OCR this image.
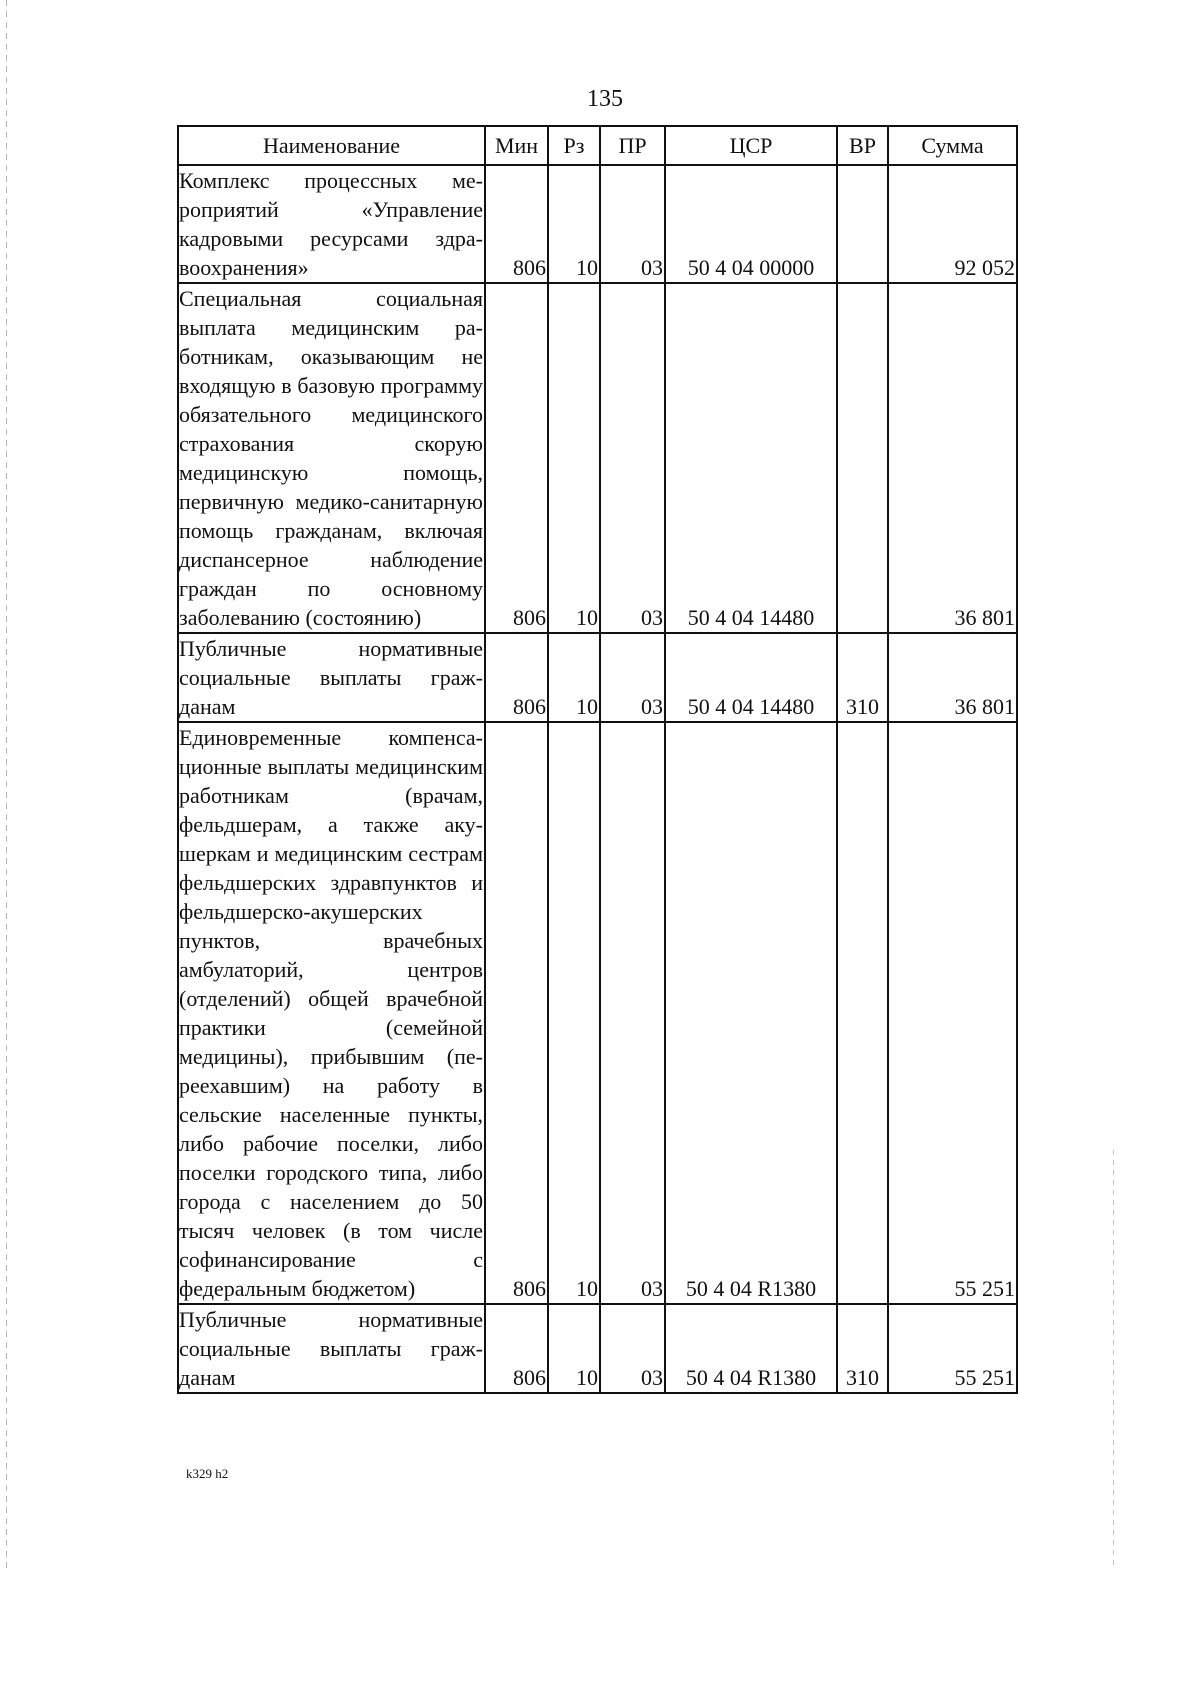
135
Наименование	Мин	Рз	ПР	ЦСР	ВР	Сумма
Комплекс процессных мероприятий «Управление кадровыми ресурсами здравоохранения»	806	10	03	50 4 04 00000		92 052
Специальная социальная выплата медицинским работникам, оказывающим не входящую в базовую программу обязательного медицинского страхования скорую медицинскую помощь, первичную медико-санитарную помощь гражданам, включая диспансерное наблюдение граждан по основному заболеванию (состоянию)	806	10	03	50 4 04 14480		36 801
Публичные нормативные социальные выплаты гражданам	806	10	03	50 4 04 14480	310	36 801
Единовременные компенсационные выплаты медицинским работникам (врачам, фельдшерам, а также акушеркам и медицинским сестрам фельдшерских здравпунктов и фельдшерско-акушерских пунктов, врачебных амбулаторий, центров (отделений) общей врачебной практики (семейной медицины), прибывшим (переехавшим) на работу в сельские населенные пункты, либо рабочие поселки, либо поселки городского типа, либо города с населением до 50 тысяч человек (в том числе софинансирование с федеральным бюджетом)	806	10	03	50 4 04 R1380		55 251
Публичные нормативные социальные выплаты гражданам	806	10	03	50 4 04 R1380	310	55 251
k329 h2
